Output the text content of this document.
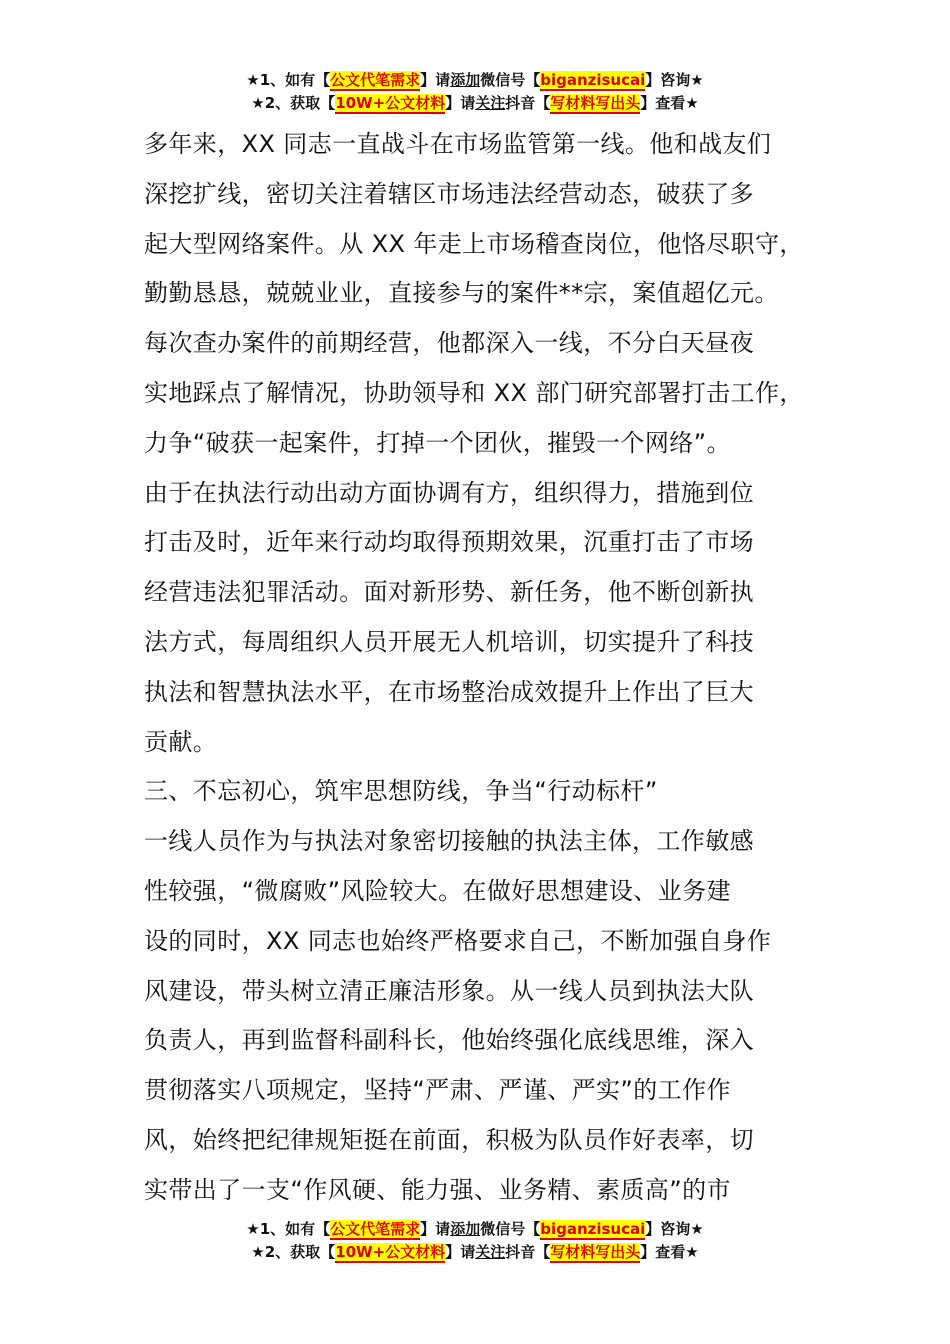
★1、如有【公文代笔需求】请添加微信号【biganzisucai】咨询★
★2、获取【10W+公文材料】请关注抖音【写材料写出头】查看★

多年来，XX 同志一直战斗在市场监管第一线。他和战友们

深挖扩线，密切关注着辖区市场违法经营动态，破获了多

起大型网络案件。从 XX 年走上市场稽查岗位，他恪尽职守，

勤勤恳恳，兢兢业业，直接参与的案件**宗，案值超亿元。

每次查办案件的前期经营，他都深入一线，不分白天昼夜

实地踩点了解情况，协助领导和 XX 部门研究部署打击工作，

力争“破获一起案件，打掉一个团伙，摧毁一个网络”。

由于在执法行动出动方面协调有方，组织得力，措施到位

打击及时，近年来行动均取得预期效果，沉重打击了市场

经营违法犯罪活动。面对新形势、新任务，他不断创新执

法方式，每周组织人员开展无人机培训，切实提升了科技

执法和智慧执法水平，在市场整治成效提升上作出了巨大

贡献。

三、不忘初心，筑牢思想防线，争当“行动标杆”

一线人员作为与执法对象密切接触的执法主体，工作敏感

性较强，“微腐败”风险较大。在做好思想建设、业务建

设的同时，XX 同志也始终严格要求自己，不断加强自身作

风建设，带头树立清正廉洁形象。从一线人员到执法大队

负责人，再到监督科副科长，他始终强化底线思维，深入

贯彻落实八项规定，坚持“严肃、严谨、严实”的工作作

风，始终把纪律规矩挺在前面，积极为队员作好表率，切

实带出了一支“作风硬、能力强、业务精、素质高”的市

★1、如有【公文代笔需求】请添加微信号【biganzisucai】咨询★
★2、获取【10W+公文材料】请关注抖音【写材料写出头】查看★
